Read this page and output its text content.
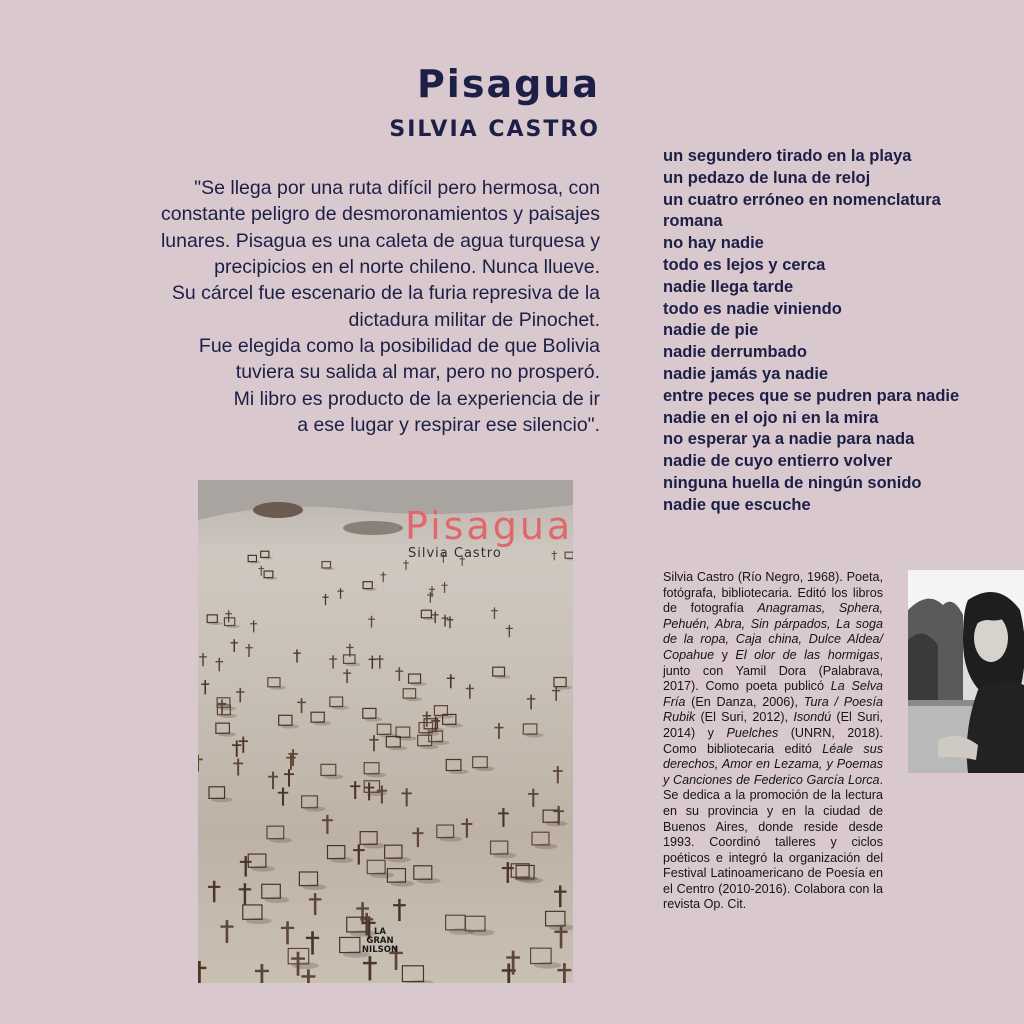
Pisagua
SILVIA CASTRO
"Se llega por una ruta difícil pero hermosa, con
constante peligro de desmoronamientos y paisajes
lunares. Pisagua es una caleta de agua turquesa y
precipicios en el norte chileno. Nunca llueve.
Su cárcel fue escenario de la furia represiva de la
dictadura militar de Pinochet.
Fue elegida como la posibilidad de que Bolivia
tuviera su salida al mar, pero no prosperó.
Mi libro es producto de la experiencia de ir
a ese lugar y respirar ese silencio".
un segundero tirado en la playa
un pedazo de luna de reloj
un cuatro erróneo en nomenclatura
romana
no hay nadie
todo es lejos y cerca
nadie llega tarde
todo es nadie viniendo
nadie de pie
nadie derrumbado
nadie jamás ya nadie
entre peces que se pudren para nadie
nadie en el ojo ni en la mira
no esperar ya a nadie para nada
nadie de cuyo entierro volver
ninguna huella de ningún sonido
nadie que escuche
Pisagua
Silvia Castro
LA
GRAN
NILSON
Silvia Castro (Río Negro, 1968). Poeta, fotógrafa, bibliotecaria. Editó los libros de fotografía Anagramas, Sphera, Pehuén, Abra, Sin párpados, La soga de la ropa, Caja china, Dulce Aldea/ Copahue y El olor de las hormigas, junto con Yamil Dora (Palabrava, 2017). Como poeta publicó La Selva Fría (En Danza, 2006), Tura / Poesía Rubik (El Suri, 2012), Isondú (El Suri, 2014) y Puelches (UNRN, 2018). Como bibliotecaria editó Léale sus derechos, Amor en Lezama, y Poemas y Canciones de Federico García Lorca. Se dedica a la promoción de la lectura en su provincia y en la ciudad de Buenos Aires, donde reside desde 1993. Coordinó talleres y ciclos poéticos e integró la organización del Festival Latinoamericano de Poesía en el Centro (2010-2016). Colabora con la revista Op. Cit.
